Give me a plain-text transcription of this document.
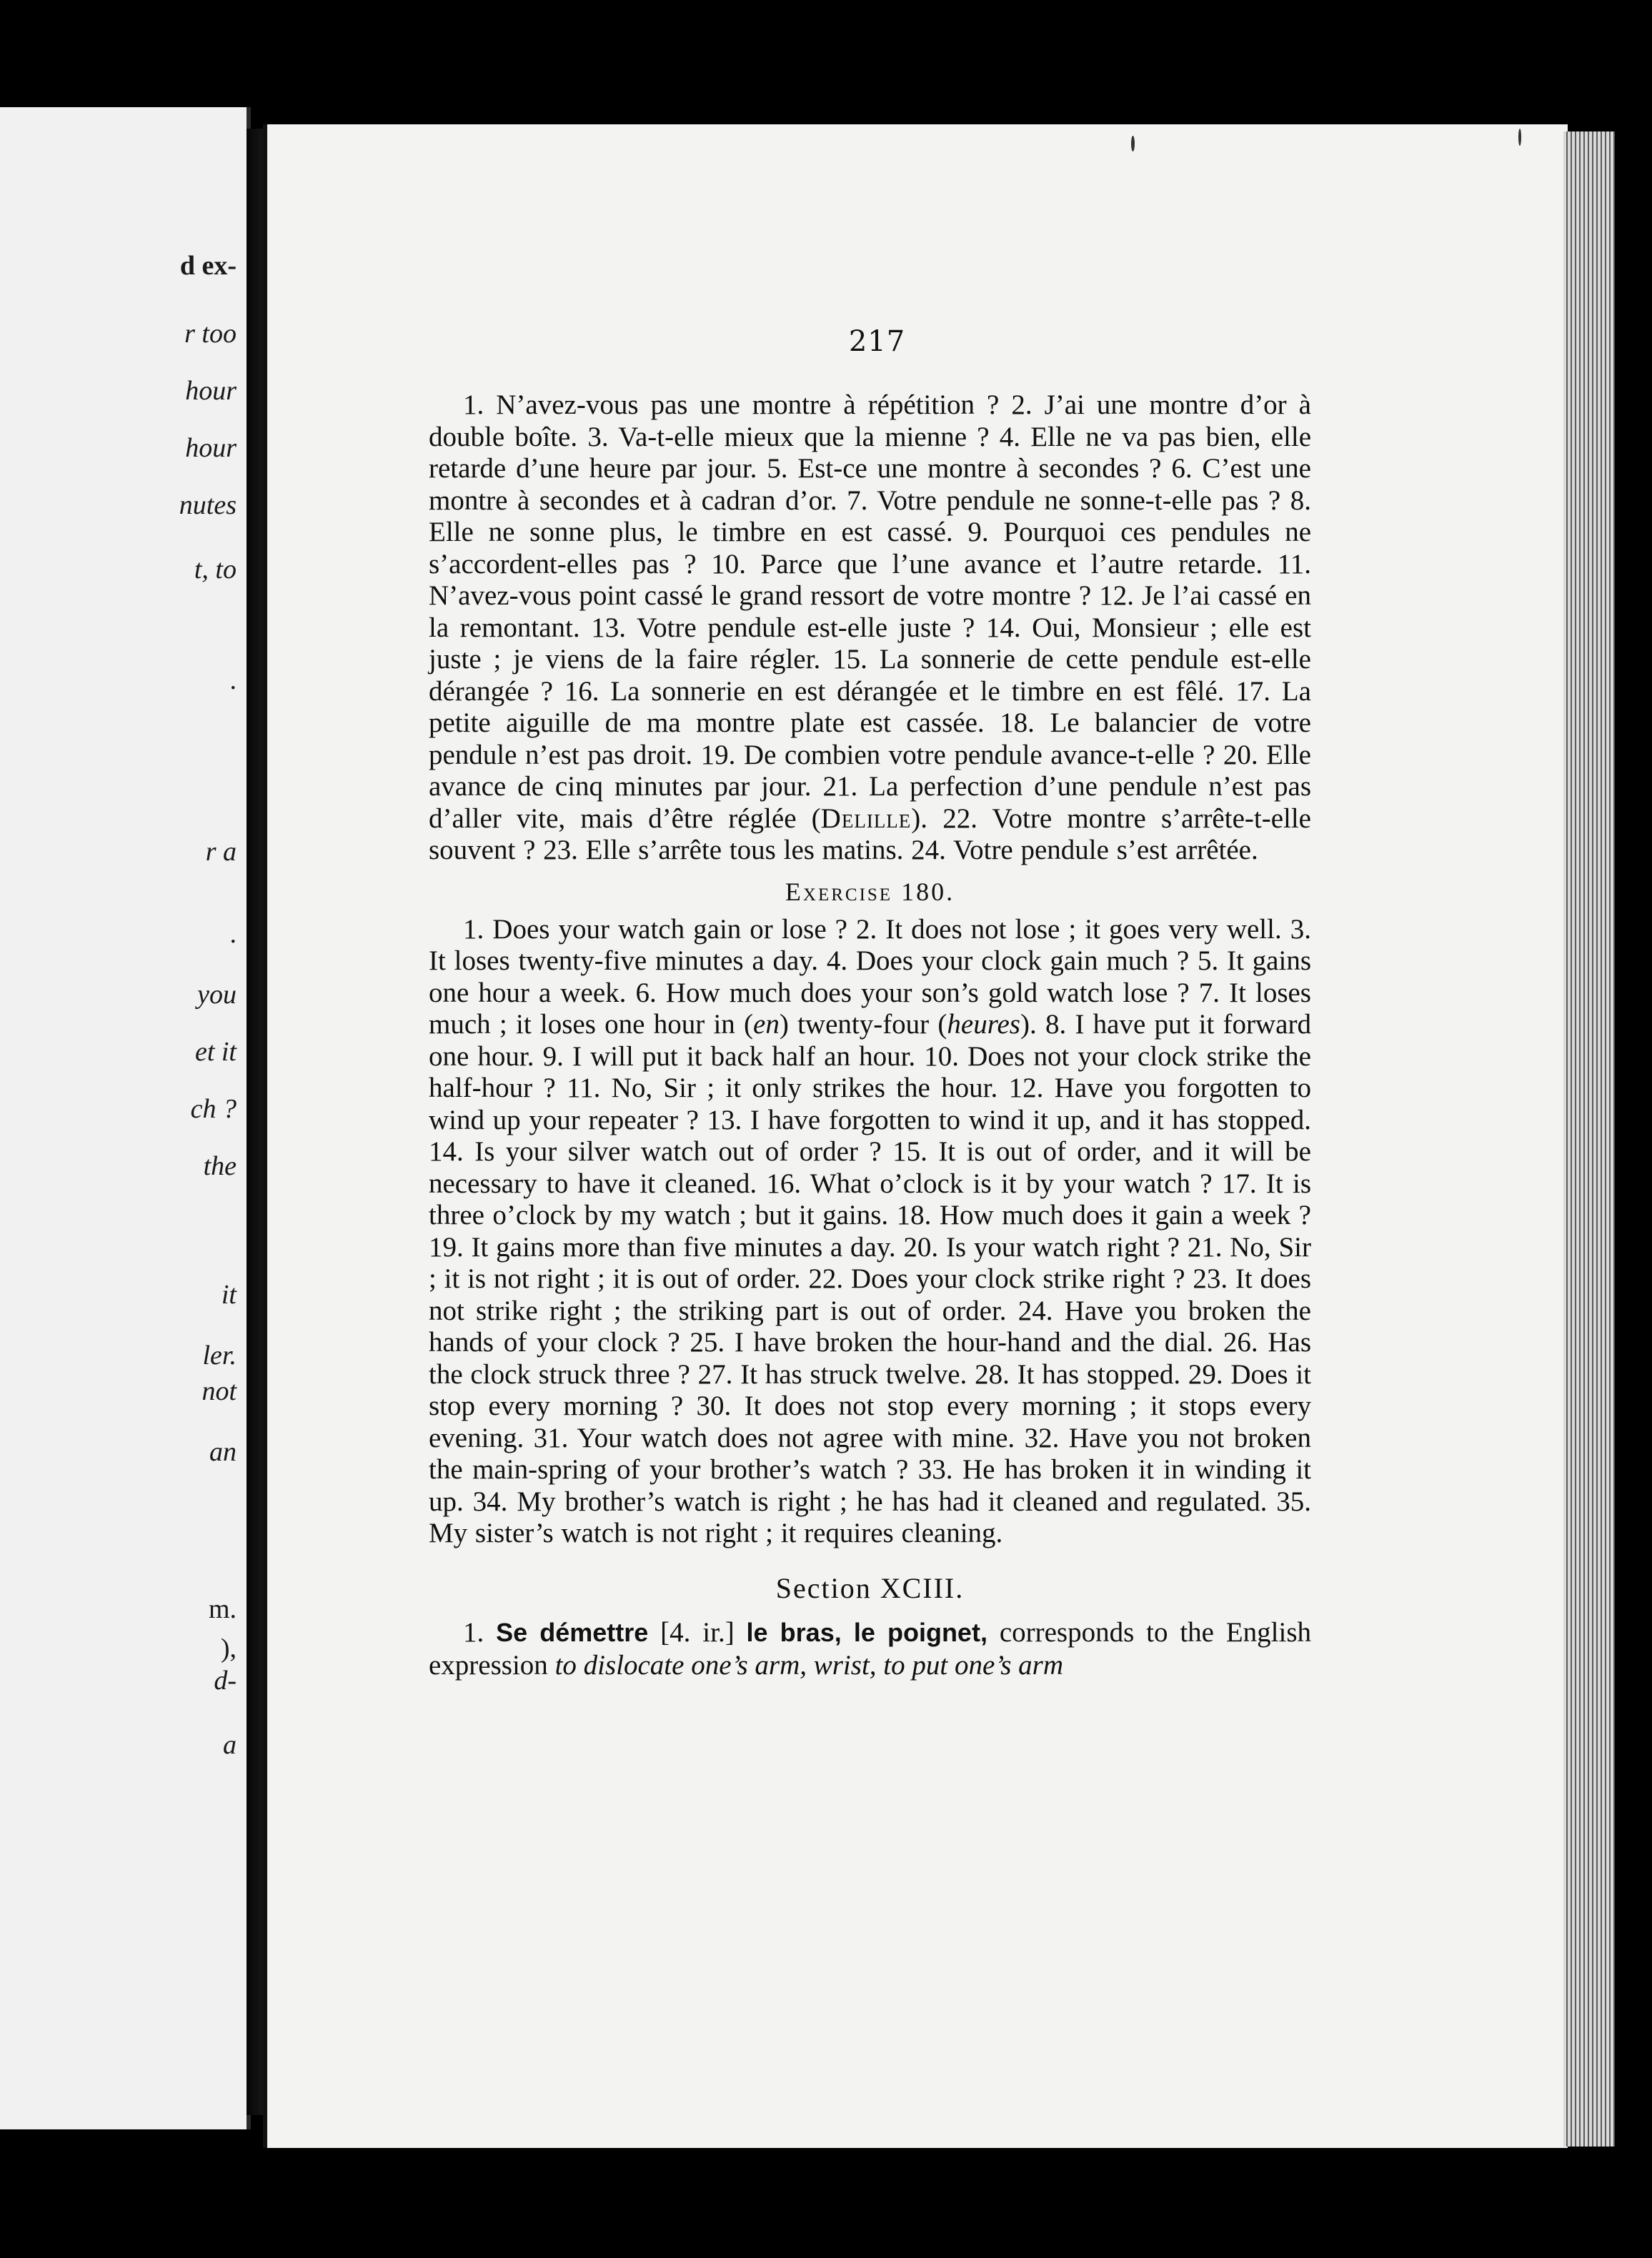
d ex-
r too
hour
hour
nutes
t, to
.
r a
.
you
et it
ch ?
the
it
ler.
not
an
m.
),
d-
a
217

1. N’avez-vous pas une montre à répétition ? 2. J’ai une montre d’or à double boîte. 3. Va-t-elle mieux que la mienne ? 4. Elle ne va pas bien, elle retarde d’une heure par jour. 5. Est-ce une montre à secondes ? 6. C’est une montre à secondes et à cadran d’or. 7. Votre pendule ne sonne-t-elle pas ? 8. Elle ne sonne plus, le timbre en est cassé. 9. Pourquoi ces pendules ne s’accordent-elles pas ? 10. Parce que l’une avance et l’autre retarde. 11. N’avez-vous point cassé le grand ressort de votre montre ? 12. Je l’ai cassé en la remontant. 13. Votre pendule est-elle juste ? 14. Oui, Monsieur ; elle est juste ; je viens de la faire régler. 15. La sonnerie de cette pendule est-elle dérangée ? 16. La sonnerie en est dérangée et le timbre en est fêlé. 17. La petite aiguille de ma montre plate est cassée. 18. Le balancier de votre pendule n’est pas droit. 19. De combien votre pendule avance-t-elle ? 20. Elle avance de cinq minutes par jour. 21. La perfection d’une pendule n’est pas d’aller vite, mais d’être réglée (Delille). 22. Votre montre s’arrête-t-elle souvent ? 23. Elle s’arrête tous les matins. 24. Votre pendule s’est arrêtée.

Exercise 180.

1. Does your watch gain or lose ? 2. It does not lose ; it goes very well. 3. It loses twenty-five minutes a day. 4. Does your clock gain much ? 5. It gains one hour a week. 6. How much does your son’s gold watch lose ? 7. It loses much ; it loses one hour in (en) twenty-four (heures). 8. I have put it forward one hour. 9. I will put it back half an hour. 10. Does not your clock strike the half-hour ? 11. No, Sir ; it only strikes the hour. 12. Have you forgotten to wind up your repeater ? 13. I have forgotten to wind it up, and it has stopped. 14. Is your silver watch out of order ? 15. It is out of order, and it will be necessary to have it cleaned. 16. What o’clock is it by your watch ? 17. It is three o’clock by my watch ; but it gains. 18. How much does it gain a week ? 19. It gains more than five minutes a day. 20. Is your watch right ? 21. No, Sir ; it is not right ; it is out of order. 22. Does your clock strike right ? 23. It does not strike right ; the striking part is out of order. 24. Have you broken the hands of your clock ? 25. I have broken the hour-hand and the dial. 26. Has the clock struck three ? 27. It has struck twelve. 28. It has stopped. 29. Does it stop every morning ? 30. It does not stop every morning ; it stops every evening. 31. Your watch does not agree with mine. 32. Have you not broken the main-spring of your brother’s watch ? 33. He has broken it in winding it up. 34. My brother’s watch is right ; he has had it cleaned and regulated. 35. My sister’s watch is not right ; it requires cleaning.

Section XCIII.

1. Se démettre [4. ir.] le bras, le poignet, corresponds to the English expression to dislocate one’s arm, wrist, to put one’s arm
